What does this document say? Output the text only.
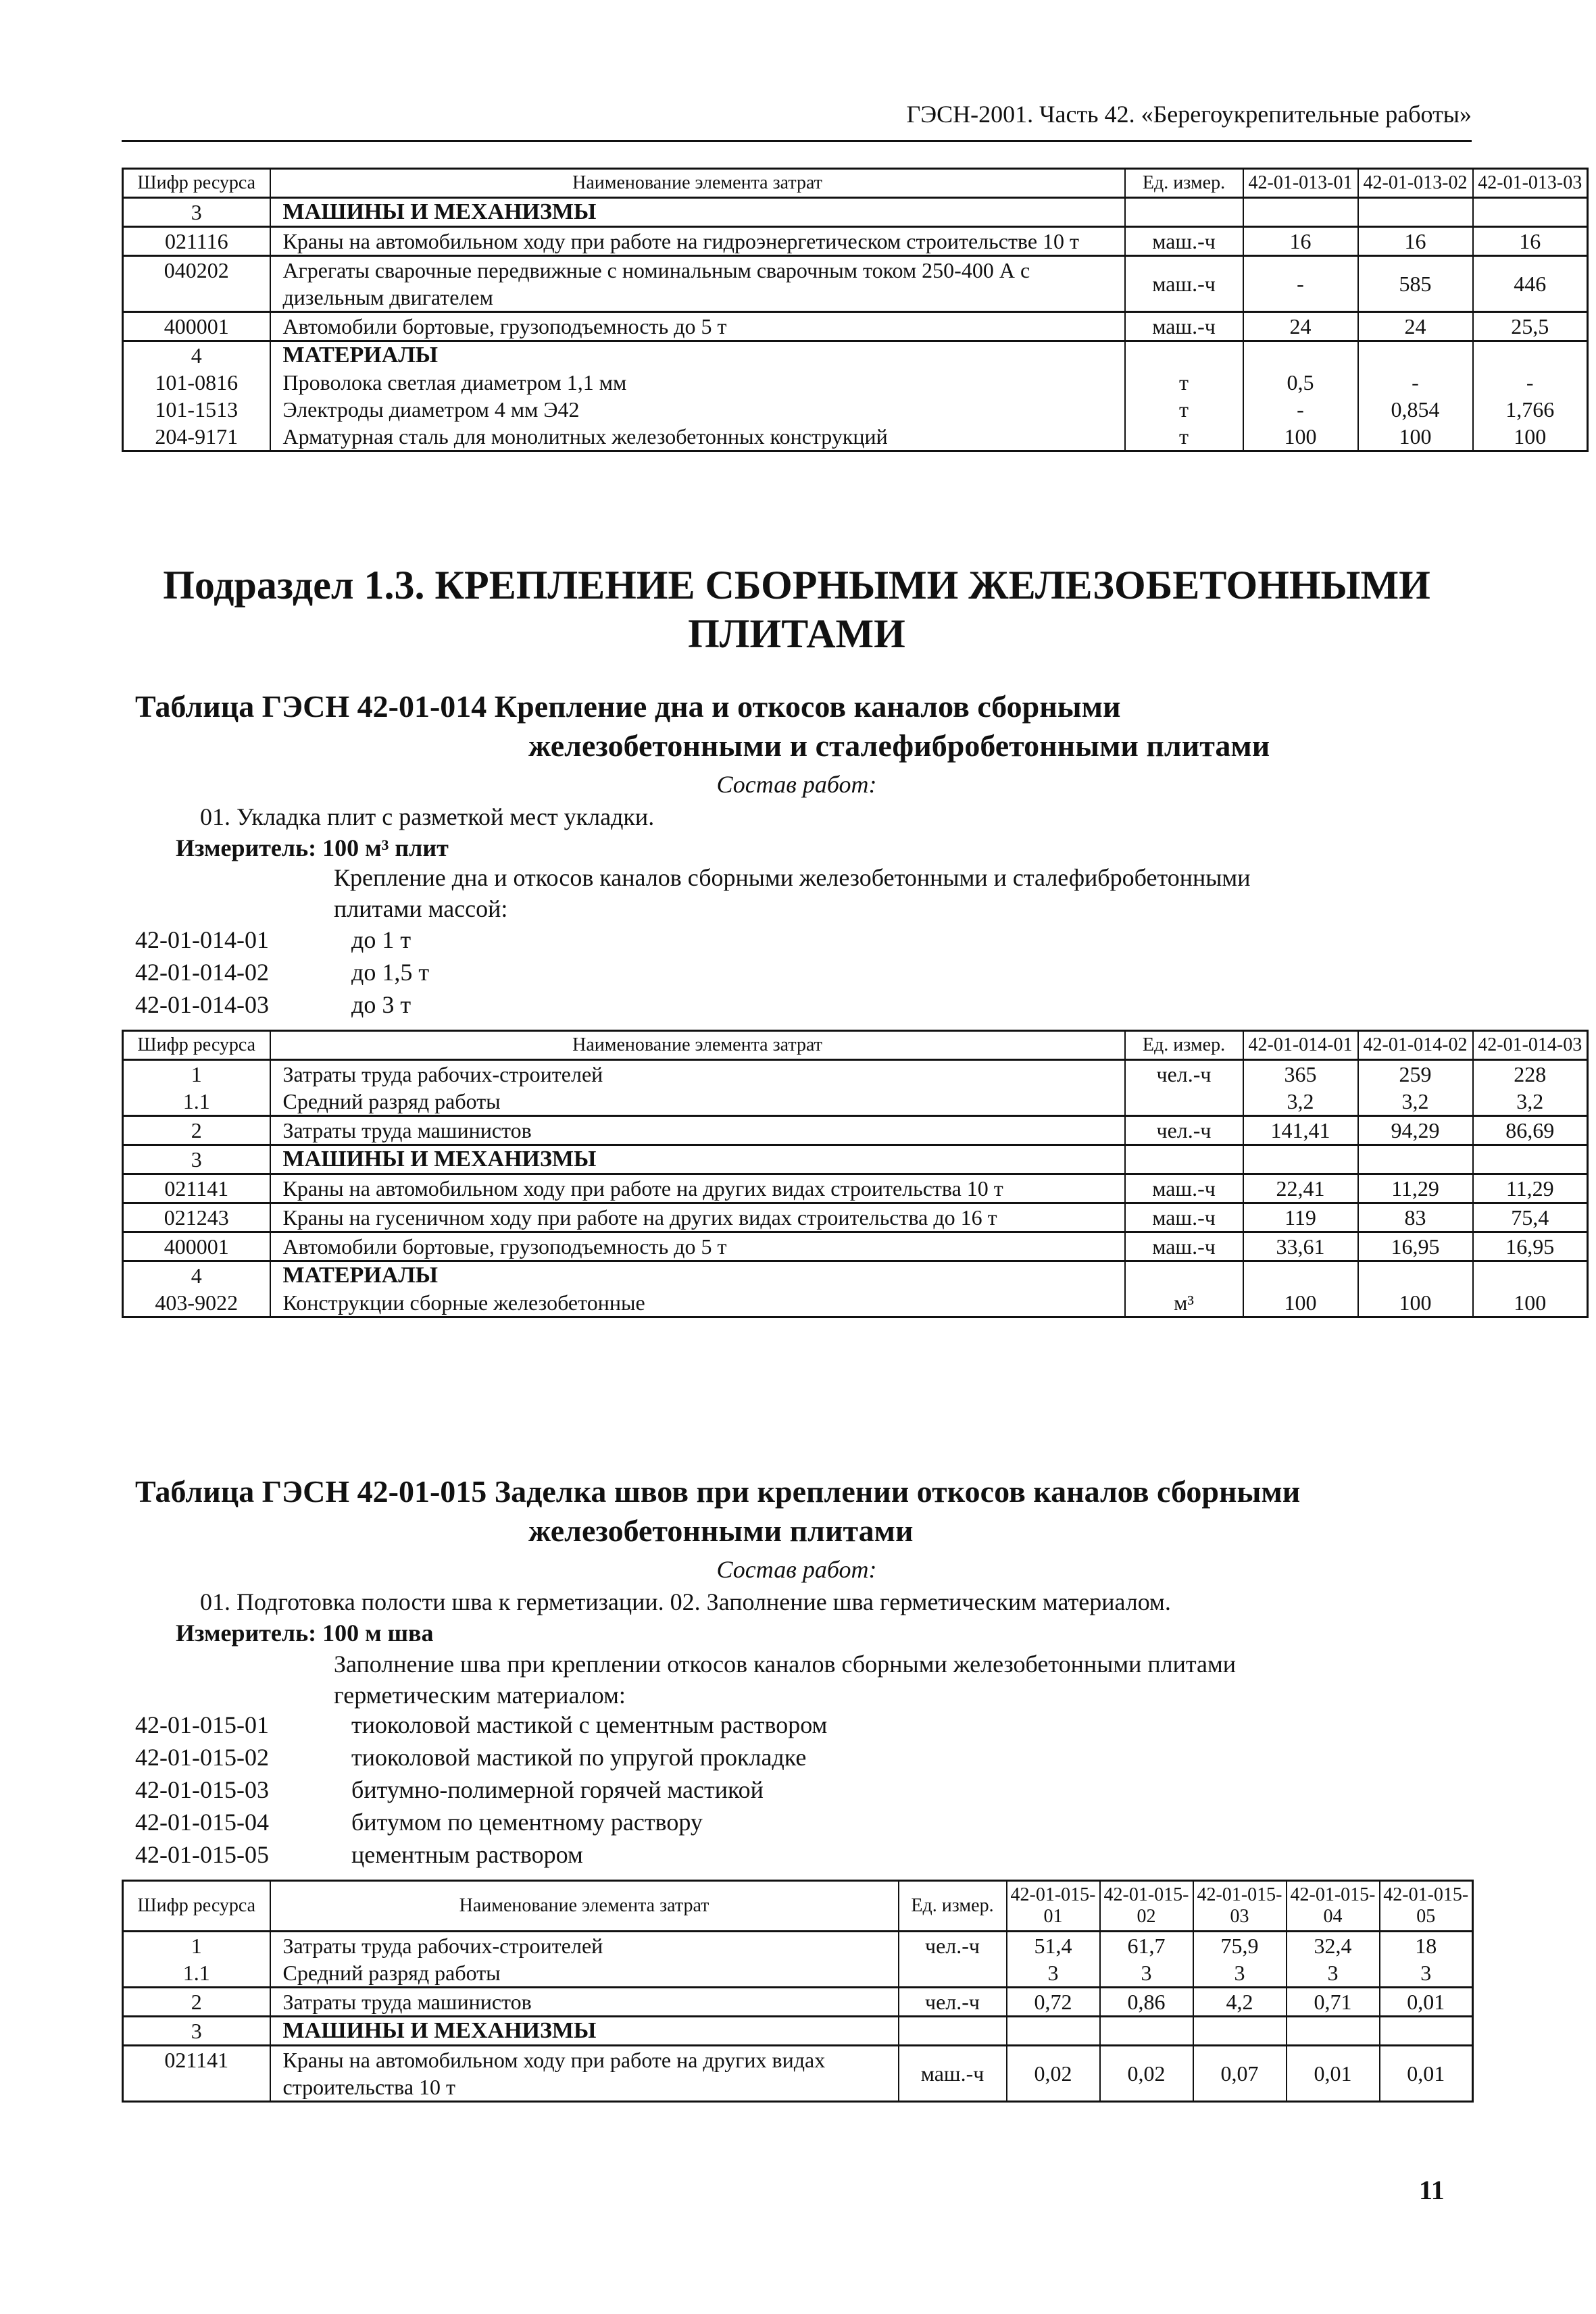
ГЭСН-2001. Часть 42. «Берегоукрепительные работы»
Шифр ресурса	Наименование элемента затрат	Ед. измер.	42-01-013-01	42-01-013-02	42-01-013-03
3	МАШИНЫ И МЕХАНИЗМЫ				
021116	Краны на автомобильном ходу при работе на гидроэнергетическом строительстве 10 т	маш.-ч	16	16	16
040202	Агрегаты сварочные передвижные с номинальным сварочным током 250-400 А с дизельным двигателем	маш.-ч	-	585	446
400001	Автомобили бортовые, грузоподъемность до 5 т	маш.-ч	24	24	25,5
4	МАТЕРИАЛЫ				
101-0816	Проволока светлая диаметром 1,1 мм	т	0,5	-	-
101-1513	Электроды диаметром 4 мм Э42	т	-	0,854	1,766
204-9171	Арматурная сталь для монолитных железобетонных конструкций	т	100	100	100
Подраздел 1.3. КРЕПЛЕНИЕ СБОРНЫМИ ЖЕЛЕЗОБЕТОННЫМИ
ПЛИТАМИ
Таблица ГЭСН 42-01-014 Крепление дна и откосов каналов сборными
железобетонными и сталефибробетонными плитами
Состав работ:
01. Укладка плит с разметкой мест укладки.
Измеритель: 100 м³ плит
Крепление дна и откосов каналов сборными железобетонными и сталефибробетонными
плитами массой:
42-01-014-01	до 1 т
42-01-014-02	до 1,5 т
42-01-014-03	до 3 т
Шифр ресурса	Наименование элемента затрат	Ед. измер.	42-01-014-01	42-01-014-02	42-01-014-03
1	Затраты труда рабочих-строителей	чел.-ч	365	259	228
1.1	Средний разряд работы		3,2	3,2	3,2
2	Затраты труда машинистов	чел.-ч	141,41	94,29	86,69
3	МАШИНЫ И МЕХАНИЗМЫ				
021141	Краны на автомобильном ходу при работе на других видах строительства 10 т	маш.-ч	22,41	11,29	11,29
021243	Краны на гусеничном ходу при работе на других видах строительства до 16 т	маш.-ч	119	83	75,4
400001	Автомобили бортовые, грузоподъемность до 5 т	маш.-ч	33,61	16,95	16,95
4	МАТЕРИАЛЫ				
403-9022	Конструкции сборные железобетонные	м³	100	100	100
Таблица ГЭСН 42-01-015 Заделка швов при креплении откосов каналов сборными
железобетонными плитами
Состав работ:
01. Подготовка полости шва к герметизации. 02. Заполнение шва герметическим материалом.
Измеритель: 100 м шва
Заполнение шва при креплении откосов каналов сборными железобетонными плитами
герметическим материалом:
42-01-015-01	тиоколовой мастикой с цементным раствором
42-01-015-02	тиоколовой мастикой по упругой прокладке
42-01-015-03	битумно-полимерной горячей мастикой
42-01-015-04	битумом по цементному раствору
42-01-015-05	цементным раствором
Шифр ресурса	Наименование элемента затрат	Ед. измер.	42-01-015-01	42-01-015-02	42-01-015-03	42-01-015-04	42-01-015-05
1	Затраты труда рабочих-строителей	чел.-ч	51,4	61,7	75,9	32,4	18
1.1	Средний разряд работы		3	3	3	3	3
2	Затраты труда машинистов	чел.-ч	0,72	0,86	4,2	0,71	0,01
3	МАШИНЫ И МЕХАНИЗМЫ						
021141	Краны на автомобильном ходу при работе на других видах строительства 10 т	маш.-ч	0,02	0,02	0,07	0,01	0,01
11
